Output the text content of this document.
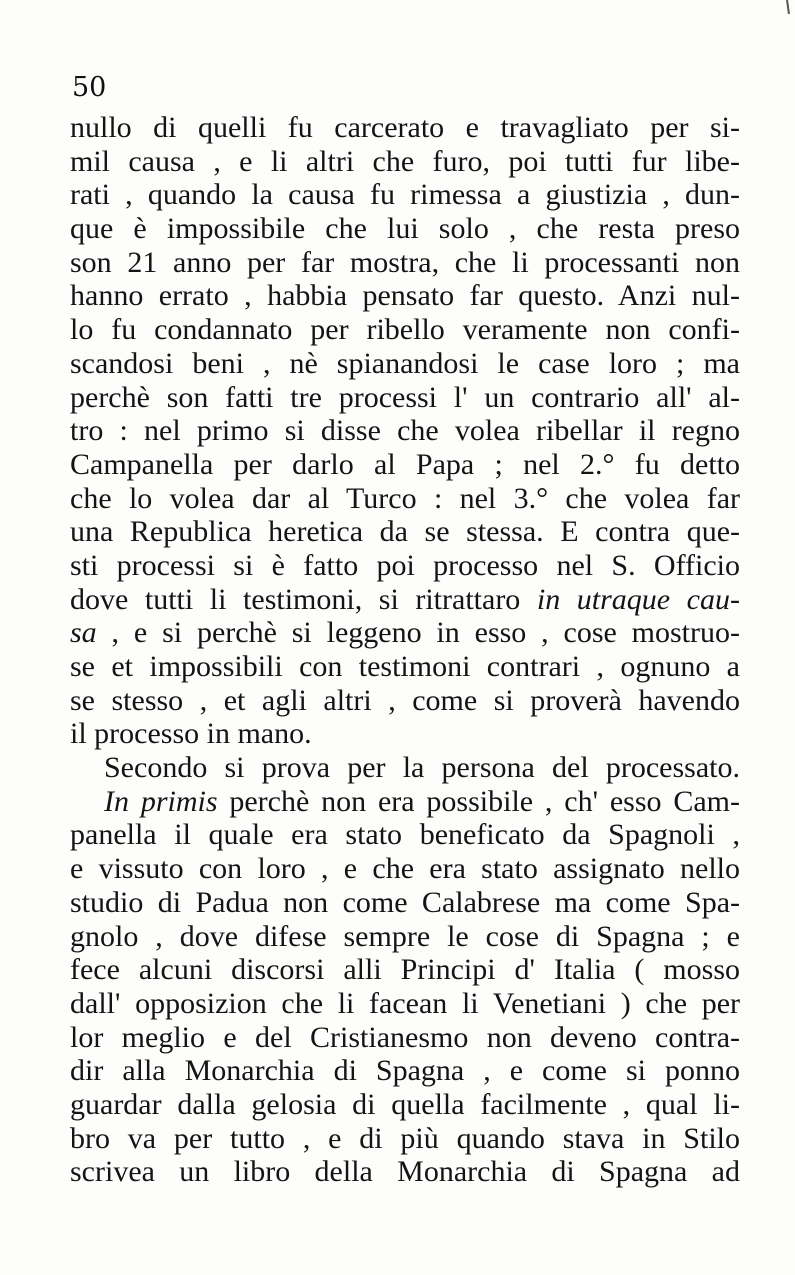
50
nullo di quelli fu carcerato e travagliato per si-
mil causa , e li altri che furo, poi tutti fur libe-
rati , quando la causa fu rimessa a giustizia , dun-
que è impossibile che lui solo , che resta preso
son 21 anno per far mostra, che li processanti non
hanno errato , habbia pensato far questo. Anzi nul-
lo fu condannato per ribello veramente non confi-
scandosi beni , nè spianandosi le case loro ; ma
perchè son fatti tre processi l' un contrario all' al-
tro : nel primo si disse che volea ribellar il regno
Campanella per darlo al Papa ; nel 2.° fu detto
che lo volea dar al Turco : nel 3.° che volea far
una Republica heretica da se stessa. E contra que-
sti processi si è fatto poi processo nel S. Officio
dove tutti li testimoni, si ritrattaro in utraque cau-
sa , e si perchè si leggeno in esso , cose mostruo-
se et impossibili con testimoni contrari , ognuno a
se stesso , et agli altri , come si proverà havendo
il processo in mano.
Secondo si prova per la persona del processato.
In primis perchè non era possibile , ch' esso Cam-
panella il quale era stato beneficato da Spagnoli ,
e vissuto con loro , e che era stato assignato nello
studio di Padua non come Calabrese ma come Spa-
gnolo , dove difese sempre le cose di Spagna ; e
fece alcuni discorsi alli Principi d' Italia ( mosso
dall' opposizion che li facean li Venetiani ) che per
lor meglio e del Cristianesmo non deveno contra-
dir alla Monarchia di Spagna , e come si ponno
guardar dalla gelosia di quella facilmente , qual li-
bro va per tutto , e di più quando stava in Stilo
scrivea un libro della Monarchia di Spagna ad
